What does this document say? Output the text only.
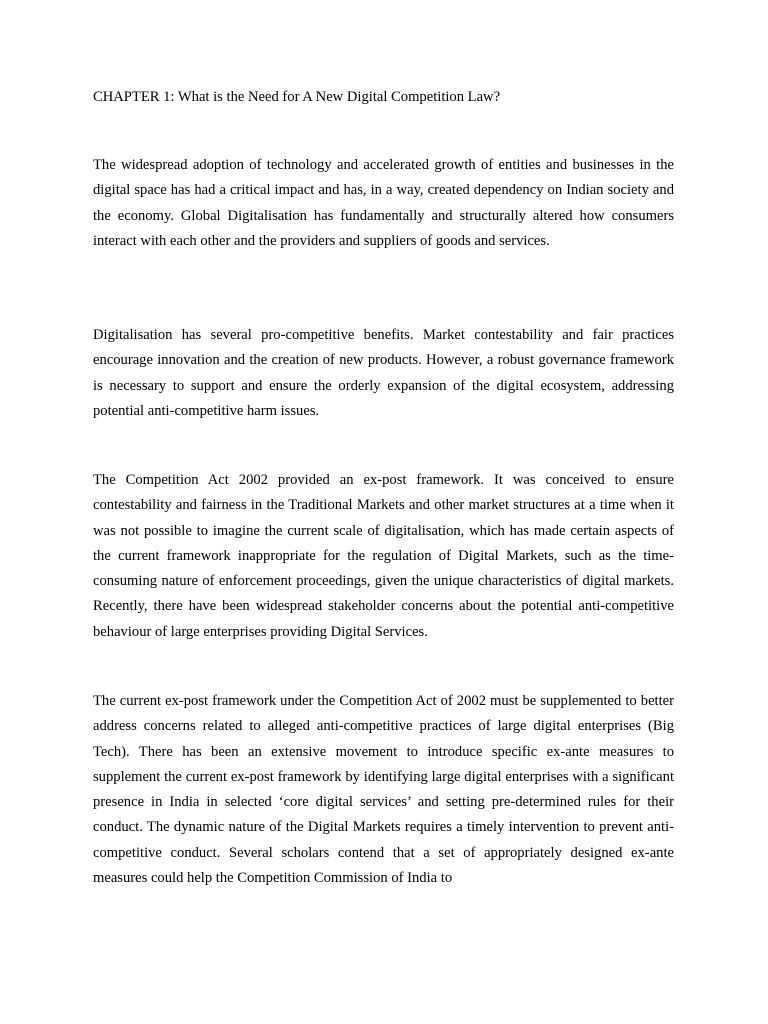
CHAPTER 1: What is the Need for A New Digital Competition Law?

The widespread adoption of technology and accelerated growth of entities and businesses in the digital space has had a critical impact and has, in a way, created dependency on Indian society and the economy. Global Digitalisation has fundamentally and structurally altered how consumers interact with each other and the providers and suppliers of goods and services.

Digitalisation has several pro-competitive benefits. Market contestability and fair practices encourage innovation and the creation of new products. However, a robust governance framework is necessary to support and ensure the orderly expansion of the digital ecosystem, addressing potential anti-competitive harm issues.

The Competition Act 2002 provided an ex-post framework. It was conceived to ensure contestability and fairness in the Traditional Markets and other market structures at a time when it was not possible to imagine the current scale of digitalisation, which has made certain aspects of the current framework inappropriate for the regulation of Digital Markets, such as the time-consuming nature of enforcement proceedings, given the unique characteristics of digital markets. Recently, there have been widespread stakeholder concerns about the potential anti-competitive behaviour of large enterprises providing Digital Services.

The current ex-post framework under the Competition Act of 2002 must be supplemented to better address concerns related to alleged anti-competitive practices of large digital enterprises (Big Tech). There has been an extensive movement to introduce specific ex-ante measures to supplement the current ex-post framework by identifying large digital enterprises with a significant presence in India in selected ‘core digital services’ and setting pre-determined rules for their conduct. The dynamic nature of the Digital Markets requires a timely intervention to prevent anti-competitive conduct. Several scholars contend that a set of appropriately designed ex-ante measures could help the Competition Commission of India to
